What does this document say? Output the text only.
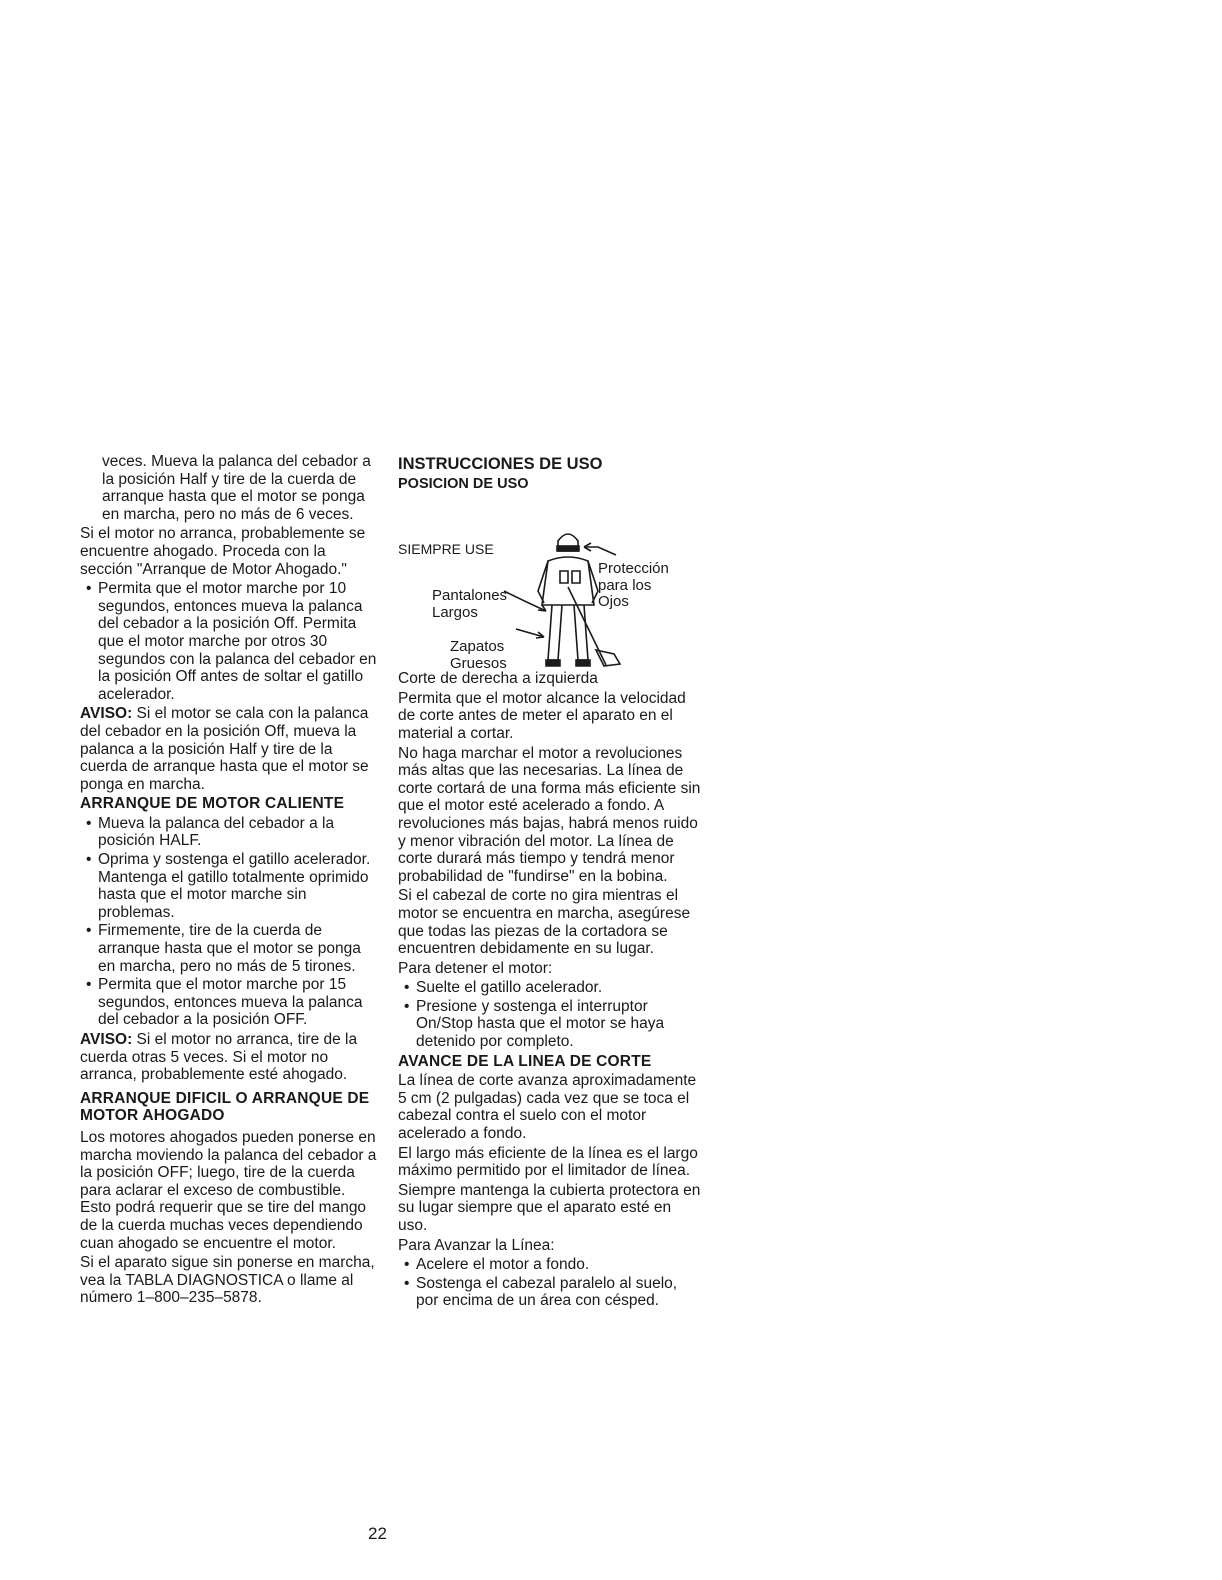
veces. Mueva la palanca del cebador a la posición Half y tire de la cuerda de arranque hasta que el motor se ponga en marcha, pero no más de 6 veces.

Si el motor no arranca, probablemente se encuentre ahogado. Proceda con la sección "Arranque de Motor Ahogado."

• Permita que el motor marche por 10 segundos, entonces mueva la palanca del cebador a la posición Off. Permita que el motor marche por otros 30 segundos con la palanca del cebador en la posición Off antes de soltar el gatillo acelerador.

AVISO: Si el motor se cala con la palanca del cebador en la posición Off, mueva la palanca a la posición Half y tire de la cuerda de arranque hasta que el motor se ponga en marcha.

ARRANQUE DE MOTOR CALIENTE

• Mueva la palanca del cebador a la posición HALF.
• Oprima y sostenga el gatillo acelerador. Mantenga el gatillo totalmente oprimido hasta que el motor marche sin problemas.
• Firmemente, tire de la cuerda de arranque hasta que el motor se ponga en marcha, pero no más de 5 tirones.
• Permita que el motor marche por 15 segundos, entonces mueva la palanca del cebador a la posición OFF.

AVISO: Si el motor no arranca, tire de la cuerda otras 5 veces. Si el motor no arranca, probablemente esté ahogado.

ARRANQUE DIFICIL O ARRANQUE DE MOTOR AHOGADO

Los motores ahogados pueden ponerse en marcha moviendo la palanca del cebador a la posición OFF; luego, tire de la cuerda para aclarar el exceso de combustible. Esto podrá requerir que se tire del mango de la cuerda muchas veces dependiendo cuan ahogado se encuentre el motor.

Si el aparato sigue sin ponerse en marcha, vea la TABLA DIAGNOSTICA o llame al número 1–800–235–5878.

INSTRUCCIONES DE USO

POSICION DE USO

SIEMPRE USE
Protección
para los
Ojos
Pantalones
Largos
Zapatos
Gruesos

Corte de derecha a izquierda

Permita que el motor alcance la velocidad de corte antes de meter el aparato en el material a cortar.

No haga marchar el motor a revoluciones más altas que las necesarias. La línea de corte cortará de una forma más eficiente sin que el motor esté acelerado a fondo. A revoluciones más bajas, habrá menos ruido y menor vibración del motor. La línea de corte durará más tiempo y tendrá menor probabilidad de "fundirse" en la bobina.

Si el cabezal de corte no gira mientras el motor se encuentra en marcha, asegúrese que todas las piezas de la cortadora se encuentren debidamente en su lugar.

Para detener el motor:

• Suelte el gatillo acelerador.
• Presione y sostenga el interruptor On/Stop hasta que el motor se haya detenido por completo.

AVANCE DE LA LINEA DE CORTE

La línea de corte avanza aproximadamente 5 cm (2 pulgadas) cada vez que se toca el cabezal contra el suelo con el motor acelerado a fondo.

El largo más eficiente de la línea es el largo máximo permitido por el limitador de línea.

Siempre mantenga la cubierta protectora en su lugar siempre que el aparato esté en uso.

Para Avanzar la Línea:

• Acelere el motor a fondo.
• Sostenga el cabezal paralelo al suelo, por encima de un área con césped.
22
